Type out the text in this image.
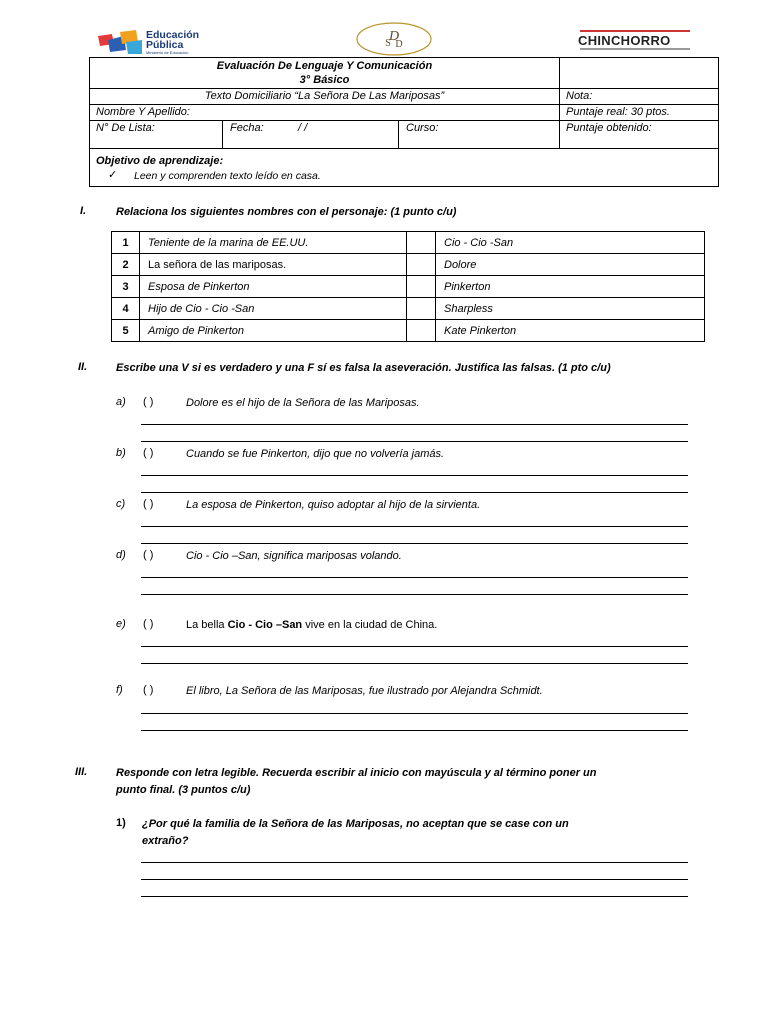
Educación
Pública
Ministerio de Educación
D
S D	CHINCHORRO
Evaluación De Lenguaje Y Comunicación
3° Básico
Texto Domiciliario “La Señora De Las Mariposas”	Nota:
Nombre Y Apellido:	Puntaje real: 30 ptos.
N° De Lista:	Fecha:	/ /	Curso:	Puntaje obtenido:
Objetivo de aprendizaje:
✓ Leen y comprenden texto leído en casa.
I.	Relaciona los siguientes nombres con el personaje: (1 punto c/u)
1	Teniente de la marina de EE.UU.		Cio - Cio -San
2	La señora de las mariposas.		Dolore
3	Esposa de Pinkerton		Pinkerton
4	Hijo de Cio - Cio -San		Sharpless
5	Amigo de Pinkerton		Kate Pinkerton
II.	Escribe una V si es verdadero y una F sí es falsa la aseveración. Justifica las falsas. (1 pto c/u)
a) ( )	Dolore es el hijo de la Señora de las Mariposas.
b) ( )	Cuando se fue Pinkerton, dijo que no volvería jamás.
c) ( )	La esposa de Pinkerton, quiso adoptar al hijo de la sirvienta.
d) ( )	Cio - Cio –San, significa mariposas volando.
e) ( )	La bella Cio - Cio –San vive en la ciudad de China.
f) ( )	El libro, La Señora de las Mariposas, fue ilustrado por Alejandra Schmidt.
III.	Responde con letra legible. Recuerda escribir al inicio con mayúscula y al término poner un
punto final. (3 puntos c/u)
1) ¿Por qué la familia de la Señora de las Mariposas, no aceptan que se case con un
extraño?
